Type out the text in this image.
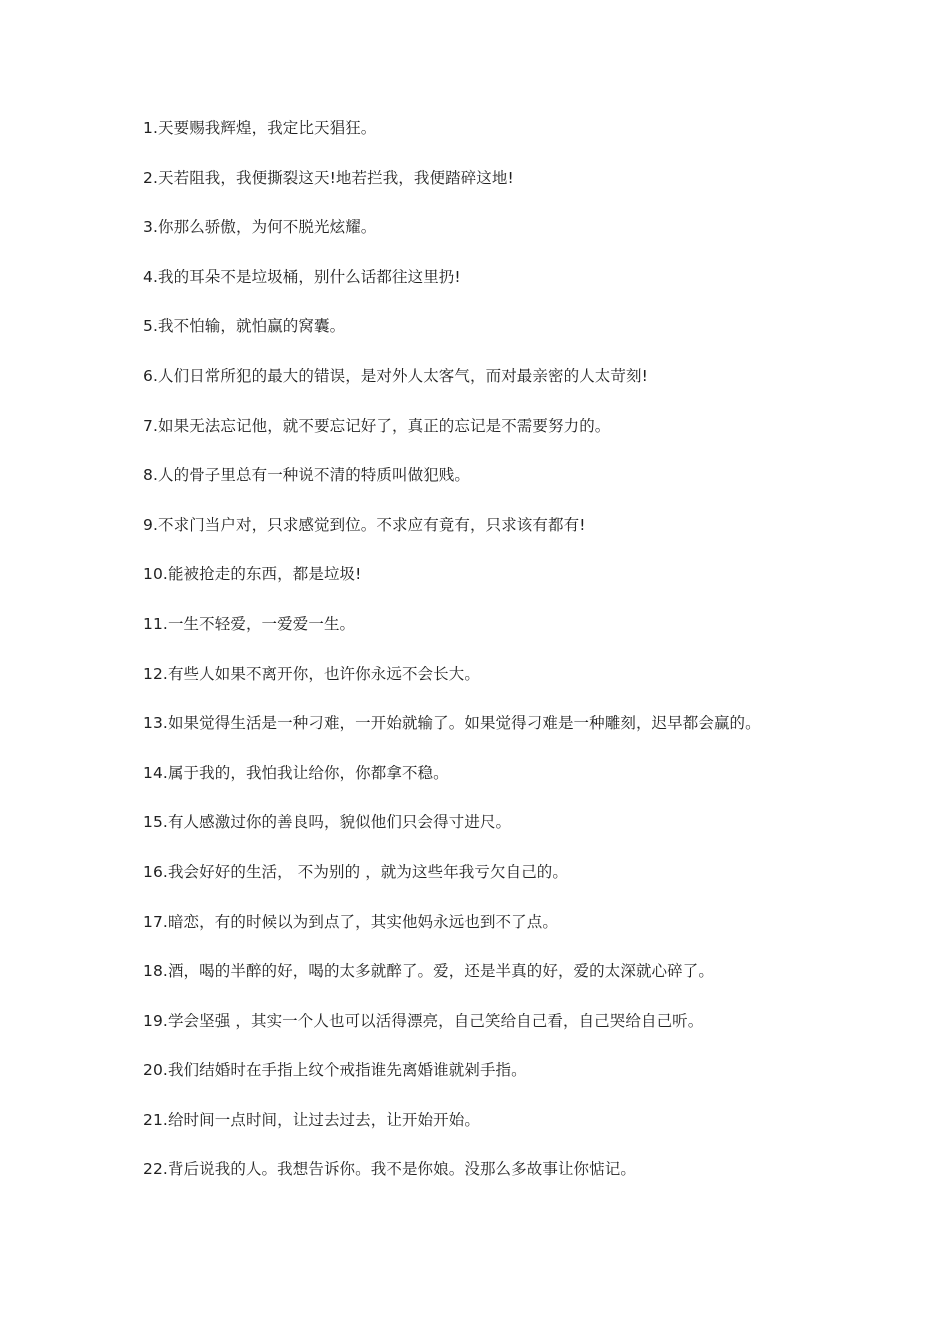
1.天要赐我辉煌，我定比天猖狂。
2.天若阻我，我便撕裂这天!地若拦我，我便踏碎这地!
3.你那么骄傲，为何不脱光炫耀。
4.我的耳朵不是垃圾桶，别什么话都往这里扔!
5.我不怕输，就怕赢的窝囊。
6.人们日常所犯的最大的错误，是对外人太客气，而对最亲密的人太苛刻!
7.如果无法忘记他，就不要忘记好了，真正的忘记是不需要努力的。
8.人的骨子里总有一种说不清的特质叫做犯贱。
9.不求门当户对，只求感觉到位。不求应有竟有，只求该有都有!
10.能被抢走的东西，都是垃圾!
11.一生不轻爱，一爱爱一生。
12.有些人如果不离开你，也许你永远不会长大。
13.如果觉得生活是一种刁难，一开始就输了。如果觉得刁难是一种雕刻，迟早都会赢的。
14.属于我的，我怕我让给你，你都拿不稳。
15.有人感激过你的善良吗，貌似他们只会得寸进尺。
16.我会好好的生活， 不为别的 ，就为这些年我亏欠自己的。
17.暗恋，有的时候以为到点了，其实他妈永远也到不了点。
18.酒，喝的半醉的好，喝的太多就醉了。爱，还是半真的好，爱的太深就心碎了。
19.学会坚强 ，其实一个人也可以活得漂亮，自己笑给自己看，自己哭给自己听。
20.我们结婚时在手指上纹个戒指谁先离婚谁就剁手指。
21.给时间一点时间，让过去过去，让开始开始。
22.背后说我的人。我想告诉你。我不是你娘。没那么多故事让你惦记。
